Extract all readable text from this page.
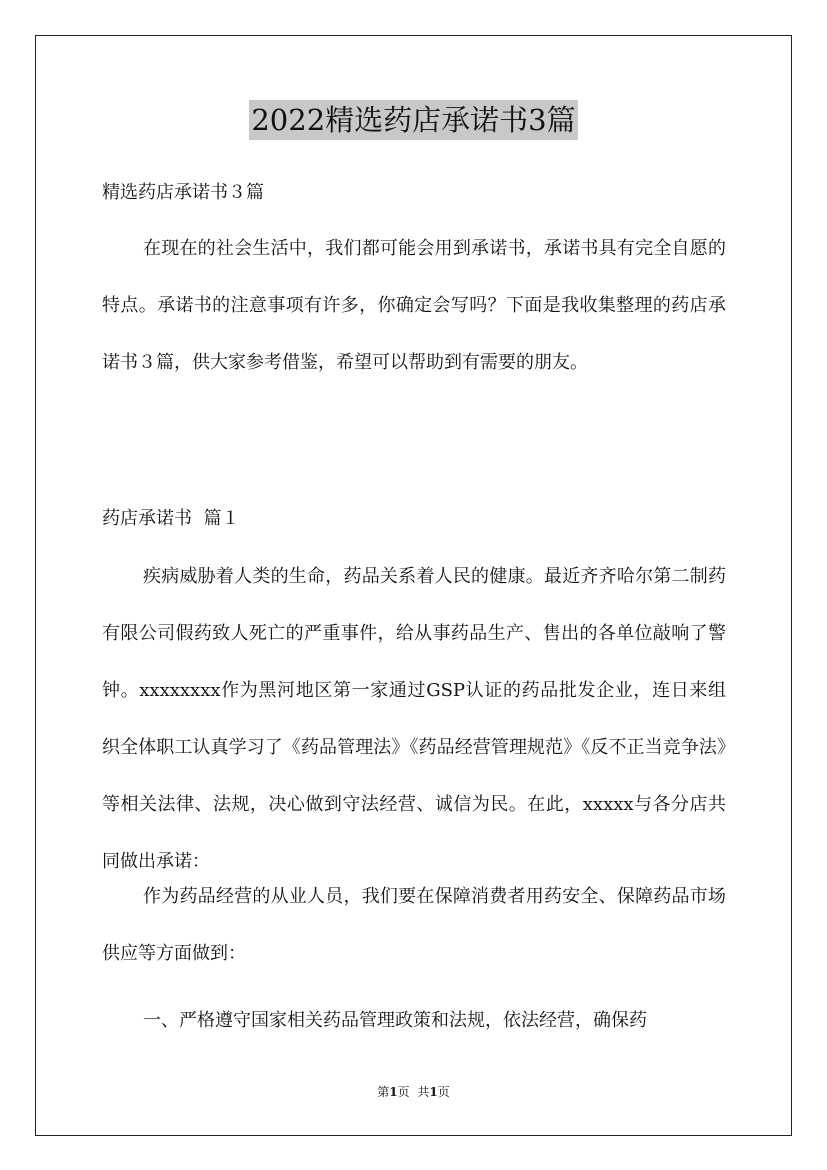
2022精选药店承诺书3篇

精选药店承诺书３篇

在现在的社会生活中，我们都可能会用到承诺书，承诺书具有完全自愿的特点。承诺书的注意事项有许多，你确定会写吗？下面是我收集整理的药店承诺书３篇，供大家参考借鉴，希望可以帮助到有需要的朋友。

药店承诺书  篇１

疾病威胁着人类的生命，药品关系着人民的健康。最近齐齐哈尔第二制药有限公司假药致人死亡的严重事件，给从事药品生产、售出的各单位敲响了警钟。xxxxxxxx作为黑河地区第一家通过GSP认证的药品批发企业，连日来组织全体职工认真学习了《药品管理法》《药品经营管理规范》《反不正当竞争法》等相关法律、法规，决心做到守法经营、诚信为民。在此，xxxxx与各分店共同做出承诺：

作为药品经营的从业人员，我们要在保障消费者用药安全、保障药品市场供应等方面做到：

一、严格遵守国家相关药品管理政策和法规，依法经营，确保药

第1页 共1页
